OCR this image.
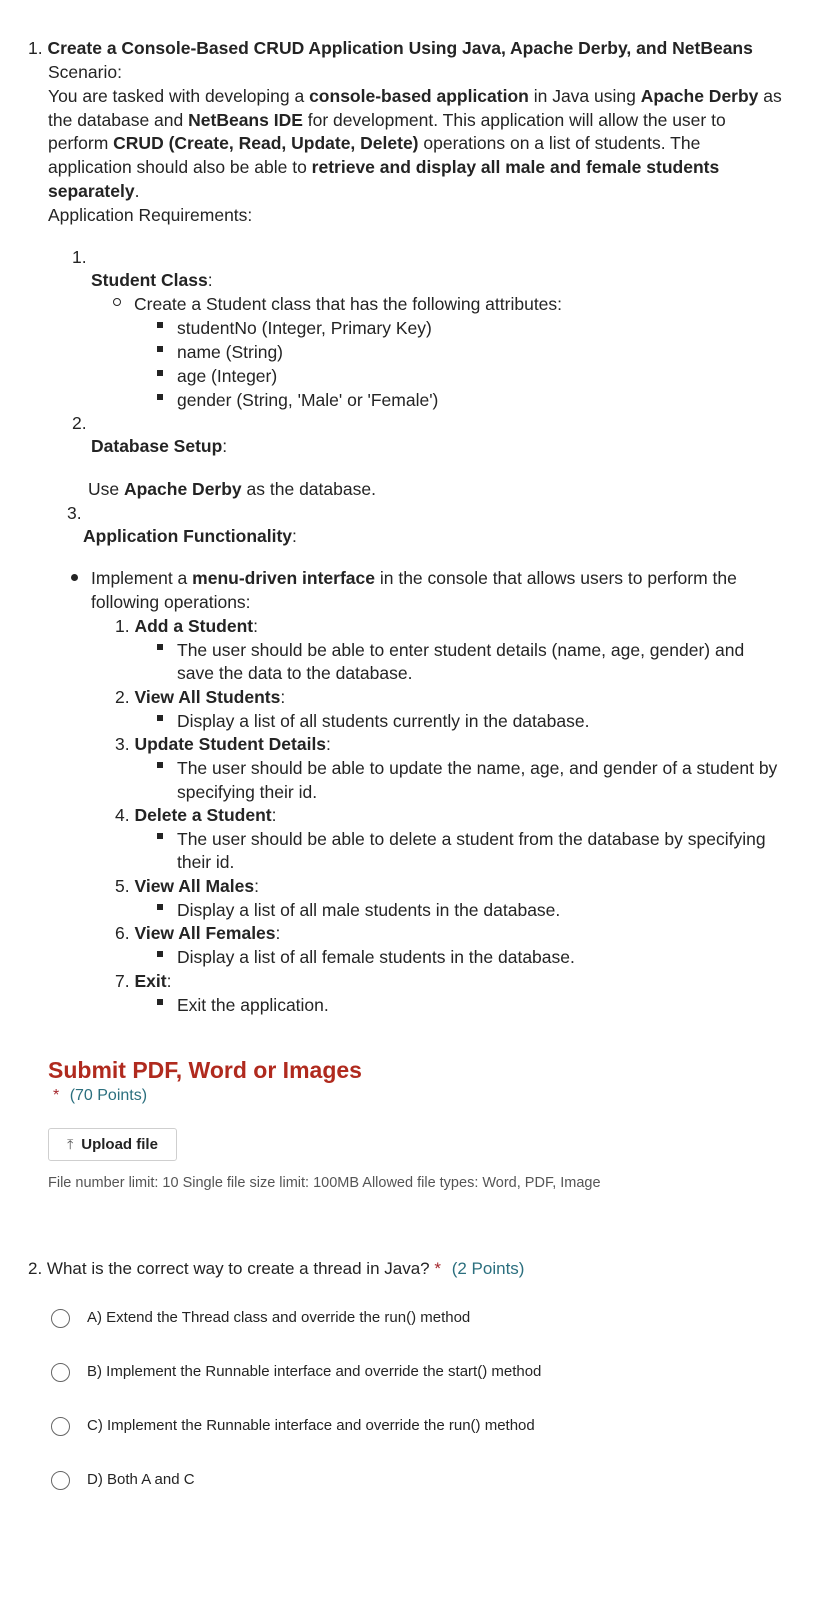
1. Create a Console-Based CRUD Application Using Java, Apache Derby, and NetBeans
Scenario:
You are tasked with developing a console-based application in Java using Apache Derby as
the database and NetBeans IDE for development. This application will allow the user to
perform CRUD (Create, Read, Update, Delete) operations on a list of students. The
application should also be able to retrieve and display all male and female students
separately.
Application Requirements:
1.
Student Class:
Create a Student class that has the following attributes:
studentNo (Integer, Primary Key)
name (String)
age (Integer)
gender (String, 'Male' or 'Female')
2.
Database Setup:
Use Apache Derby as the database.
3.
Application Functionality:
Implement a menu-driven interface in the console that allows users to perform the
following operations:
1. Add a Student:
The user should be able to enter student details (name, age, gender) and
save the data to the database.
2. View All Students:
Display a list of all students currently in the database.
3. Update Student Details:
The user should be able to update the name, age, and gender of a student by
specifying their id.
4. Delete a Student:
The user should be able to delete a student from the database by specifying
their id.
5. View All Males:
Display a list of all male students in the database.
6. View All Females:
Display a list of all female students in the database.
7. Exit:
Exit the application.
Submit PDF, Word or Images
* (70 Points)
⤒ Upload file
File number limit: 10 Single file size limit: 100MB Allowed file types: Word, PDF, Image
2. What is the correct way to create a thread in Java? * (2 Points)
A) Extend the Thread class and override the run() method
B) Implement the Runnable interface and override the start() method
C) Implement the Runnable interface and override the run() method
D) Both A and C
